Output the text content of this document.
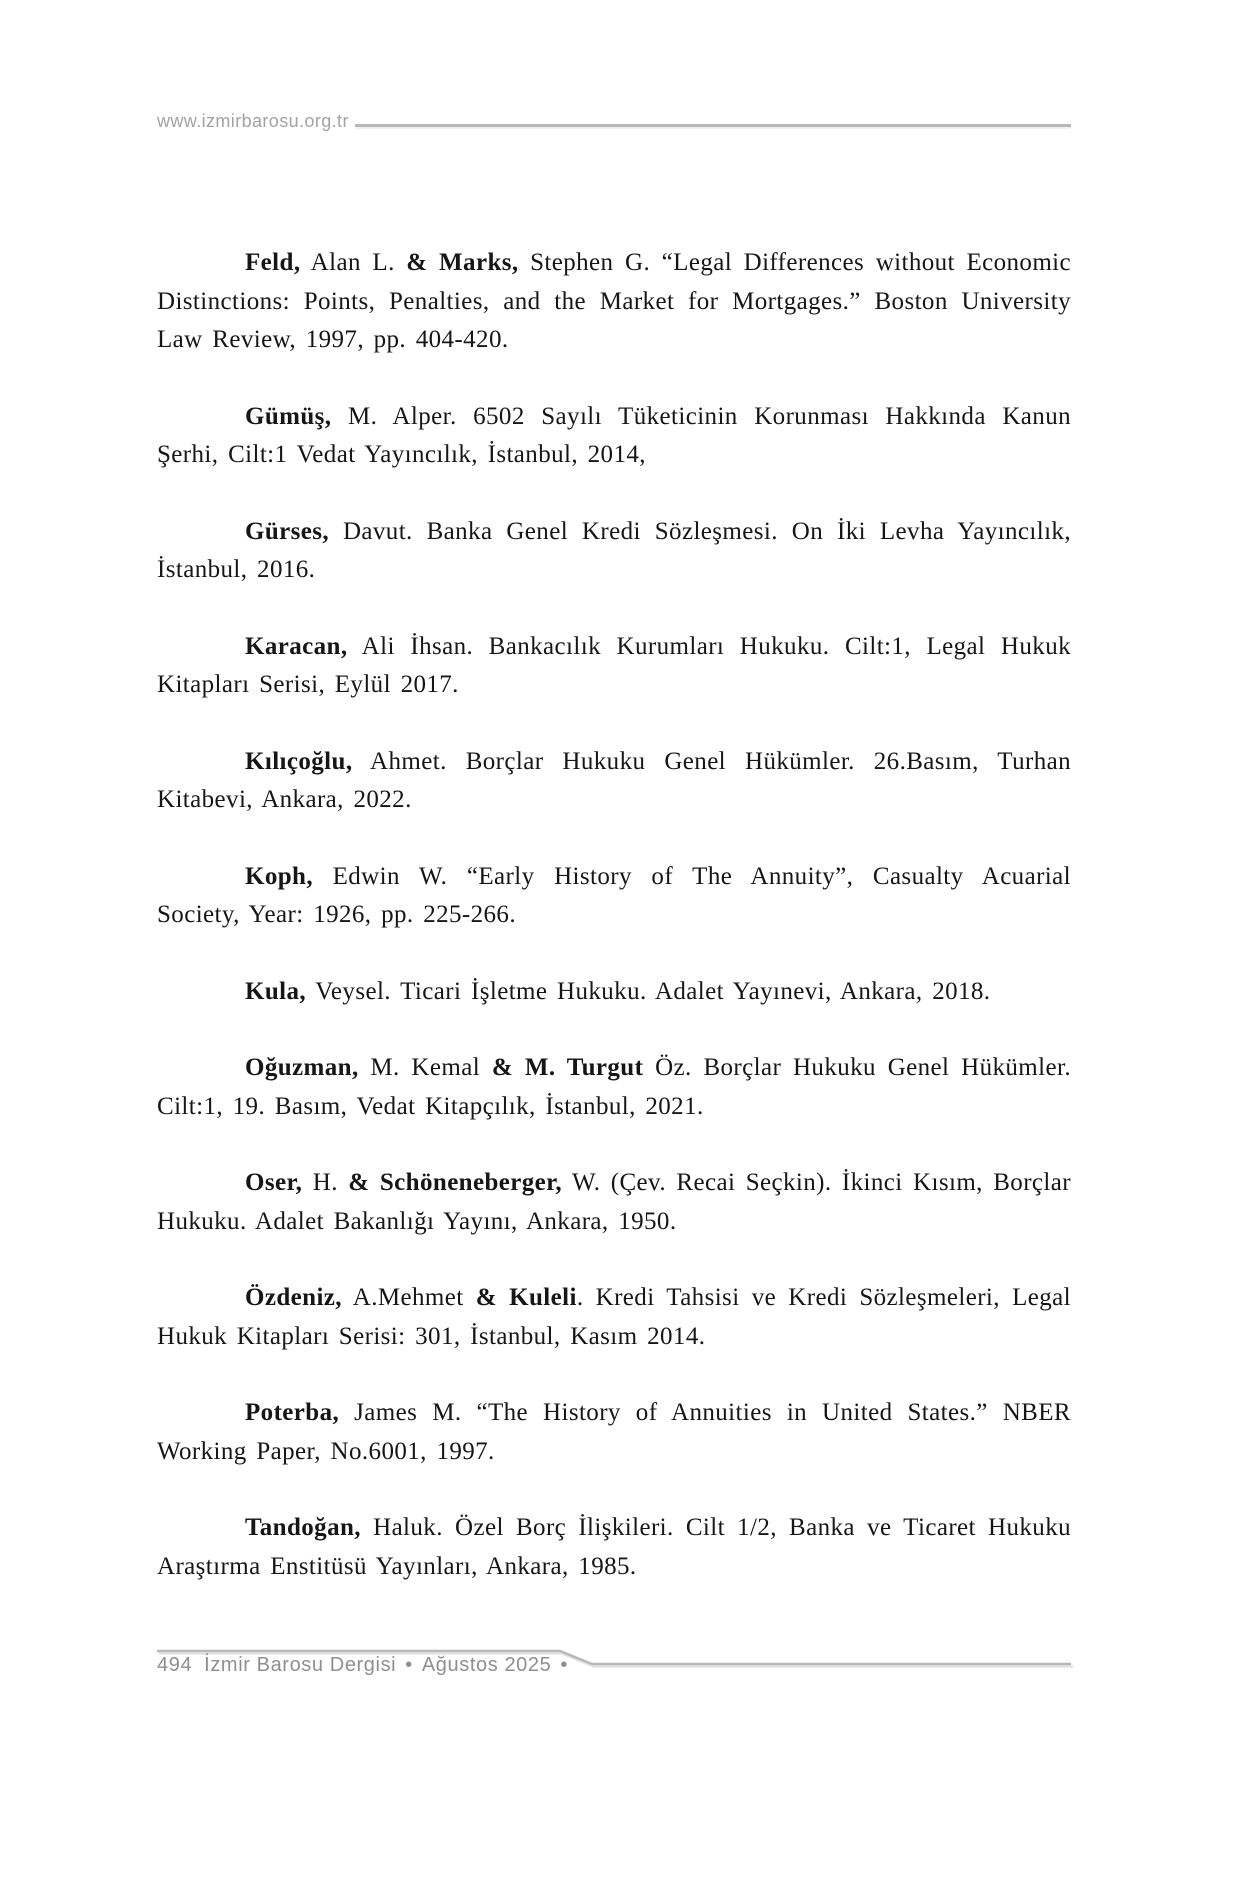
www.izmirbarosu.org.tr

Feld, Alan L. & Marks, Stephen G. “Legal Differences without Economic Distinctions: Points, Penalties, and the Market for Mortgages.” Boston University Law Review, 1997, pp. 404-420.

Gümüş, M. Alper. 6502 Sayılı Tüketicinin Korunması Hakkında Kanun Şerhi, Cilt:1 Vedat Yayıncılık, İstanbul, 2014,

Gürses, Davut. Banka Genel Kredi Sözleşmesi. On İki Levha Yayıncılık, İstanbul, 2016.

Karacan, Ali İhsan. Bankacılık Kurumları Hukuku. Cilt:1, Legal Hukuk Kitapları Serisi, Eylül 2017.

Kılıçoğlu, Ahmet. Borçlar Hukuku Genel Hükümler. 26.Basım, Turhan Kitabevi, Ankara, 2022.

Koph, Edwin W. “Early History of The Annuity”, Casualty Acuarial Society, Year: 1926, pp. 225-266.

Kula, Veysel. Ticari İşletme Hukuku. Adalet Yayınevi, Ankara, 2018.

Oğuzman, M. Kemal & M. Turgut Öz. Borçlar Hukuku Genel Hükümler. Cilt:1, 19. Basım, Vedat Kitapçılık, İstanbul, 2021.

Oser, H. & Schöneneberger, W. (Çev. Recai Seçkin). İkinci Kısım, Borçlar Hukuku. Adalet Bakanlığı Yayını, Ankara, 1950.

Özdeniz, A.Mehmet & Kuleli. Kredi Tahsisi ve Kredi Sözleşmeleri, Legal Hukuk Kitapları Serisi: 301, İstanbul, Kasım 2014.

Poterba, James M. “The History of Annuities in United States.” NBER Working Paper, No.6001, 1997.

Tandoğan, Haluk. Özel Borç İlişkileri. Cilt 1/2, Banka ve Ticaret Hukuku Araştırma Enstitüsü Yayınları, Ankara, 1985.

494 İzmir Barosu Dergisi • Ağustos 2025 •
